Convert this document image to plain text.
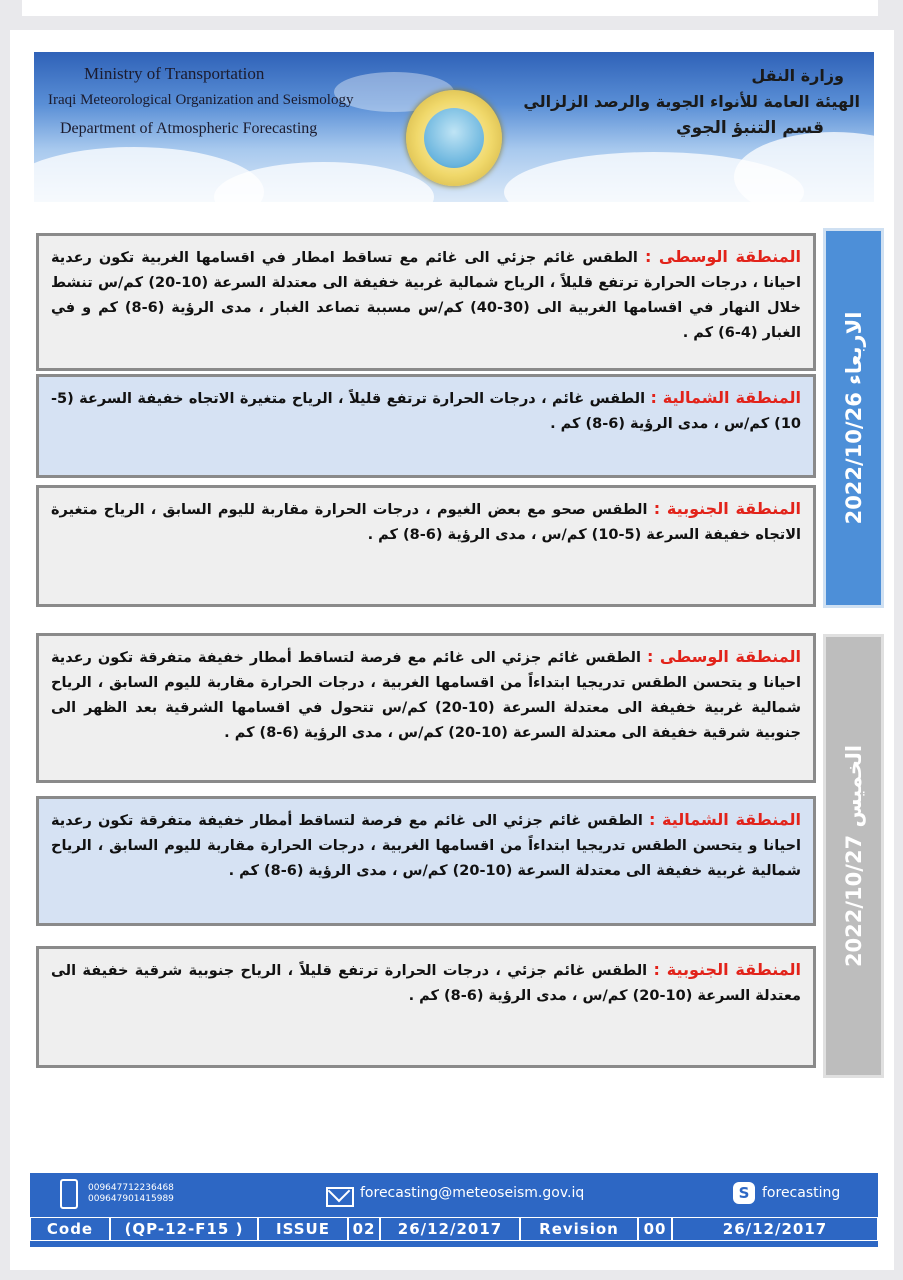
Ministry of Transportation
Iraqi Meteorological Organization and Seismology
Department of Atmospheric Forecasting
وزارة النقل
الهيئة العامة للأنواء الجوية والرصد الزلزالي
قسم التنبؤ الجوي
الاربعاء 2022/10/26
المنطقة الوسطى : الطقس غائم جزئي الى غائم مع تساقط امطار في اقسامها الغربية تكون رعدية احيانا ، درجات الحرارة ترتفع قليلاً ، الرياح شمالية غربية خفيفة الى معتدلة السرعة (10-20) كم/س تنشط خلال النهار في اقسامها الغربية الى (30-40) كم/س مسببة تصاعد الغبار ، مدى الرؤية (6-8) كم و في الغبار (4-6) كم .
المنطقة الشمالية : الطقس غائم ، درجات الحرارة ترتفع قليلاً ، الرياح متغيرة الاتجاه خفيفة السرعة (5-10) كم/س ، مدى الرؤية (6-8) كم .
المنطقة الجنوبية : الطقس صحو مع بعض الغيوم ، درجات الحرارة مقاربة لليوم السابق ، الرياح متغيرة الاتجاه خفيفة السرعة (5-10) كم/س ، مدى الرؤية (6-8) كم .
الخميس 2022/10/27
المنطقة الوسطى : الطقس غائم جزئي الى غائم مع فرصة لتساقط أمطار خفيفة متفرقة تكون رعدية احيانا و يتحسن الطقس تدريجيا ابتداءاً من اقسامها الغربية ، درجات الحرارة مقاربة لليوم السابق ، الرياح شمالية غربية خفيفة الى معتدلة السرعة (10-20) كم/س تتحول في اقسامها الشرقية بعد الظهر الى جنوبية شرقية خفيفة الى معتدلة السرعة (10-20) كم/س ، مدى الرؤية (6-8) كم .
المنطقة الشمالية : الطقس غائم جزئي الى غائم مع فرصة لتساقط أمطار خفيفة متفرقة تكون رعدية احيانا و يتحسن الطقس تدريجيا ابتداءاً من اقسامها الغربية ، درجات الحرارة مقاربة لليوم السابق ، الرياح شمالية غربية خفيفة الى معتدلة السرعة (10-20) كم/س ، مدى الرؤية (6-8) كم .
المنطقة الجنوبية : الطقس غائم جزئي ، درجات الحرارة ترتفع قليلاً ، الرياح جنوبية شرقية خفيفة الى معتدلة السرعة (10-20) كم/س ، مدى الرؤية (6-8) كم .
009647712236468
009647901415989	forecasting@meteoseism.gov.iq	S forecasting
Code	(QP-12-F15 )	ISSUE	02	26/12/2017	Revision	00	26/12/2017
